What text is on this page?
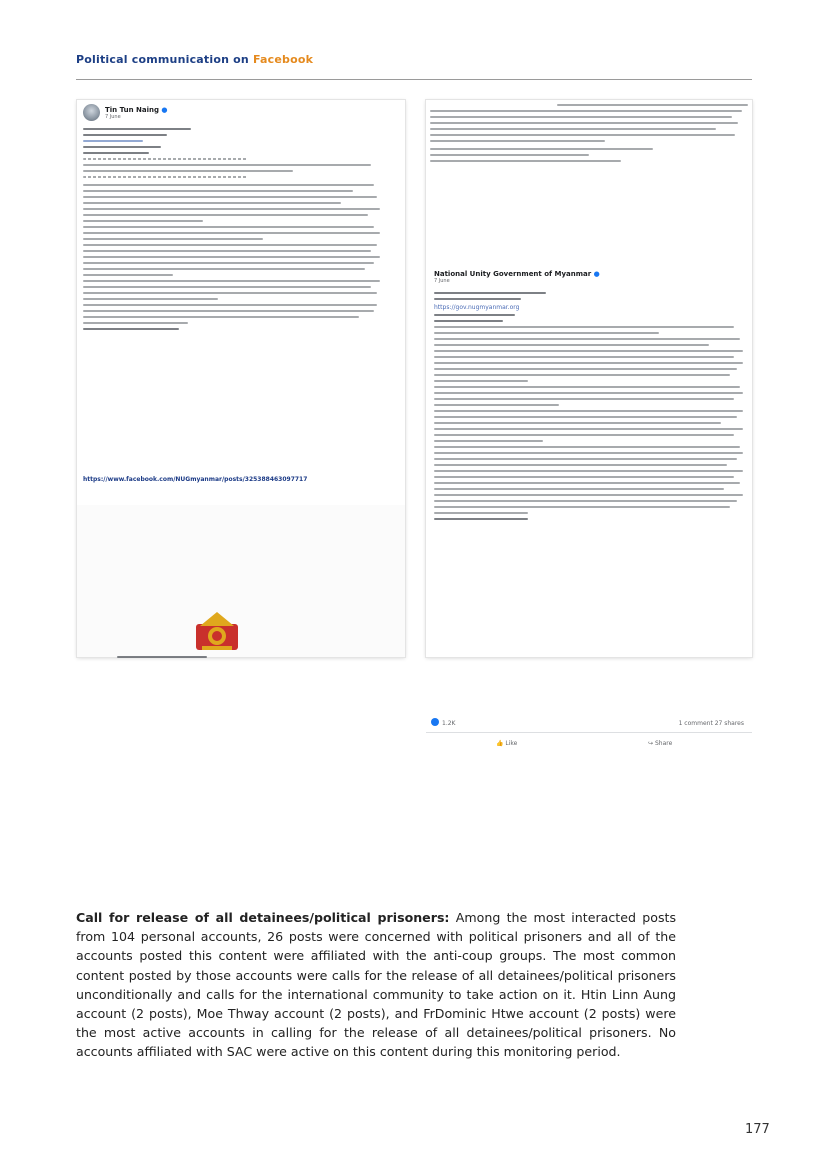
Political communication on Facebook
Tin Tun Naing ●
7 June
https://www.facebook.com/NUGmyanmar/posts/325388463097717
National Unity Government of Myanmar ●
7 June
https://gov.nugmyanmar.org
1.2K	1 comment 27 shares
👍 Like	↪ Share
Call for release of all detainees/political prisoners: Among the most interacted posts from 104 personal accounts, 26 posts were concerned with political prisoners and all of the accounts posted this content were affiliated with the anti-coup groups. The most common content posted by those accounts were calls for the release of all detainees/political prisoners unconditionally and calls for the international community to take action on it. Htin Linn Aung account (2 posts), Moe Thway account (2 posts), and FrDominic Htwe account (2 posts) were the most active accounts in calling for the release of all detainees/political prisoners. No accounts affiliated with SAC were active on this content during this monitoring period.
177
